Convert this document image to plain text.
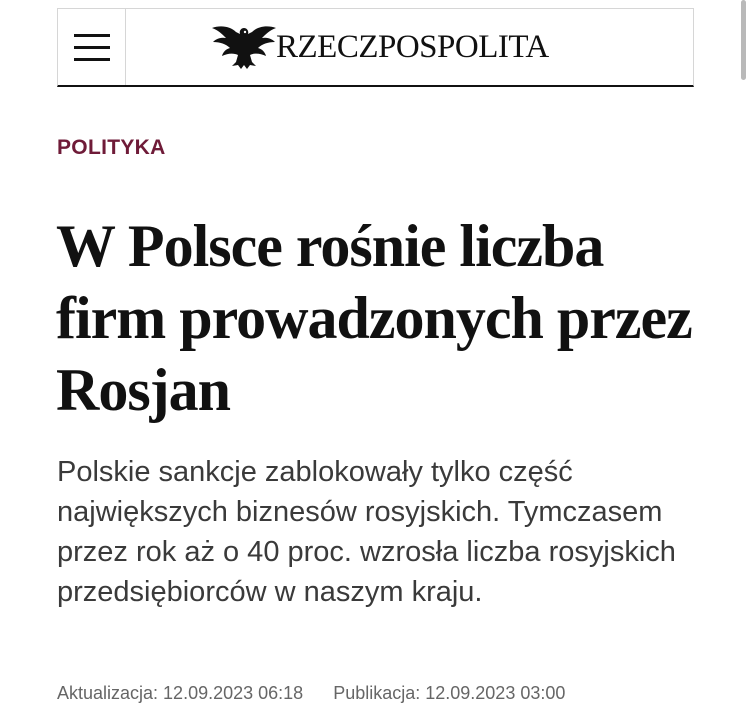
RZECZPOSPOLITA
POLITYKA
W Polsce rośnie liczba firm prowadzonych przez Rosjan

Polskie sankcje zablokowały tylko część największych biznesów rosyjskich. Tymczasem przez rok aż o 40 proc. wzrosła liczba rosyjskich przedsiębiorców w naszym kraju.

Aktualizacja: 12.09.2023 06:18 Publikacja: 12.09.2023 03:00
